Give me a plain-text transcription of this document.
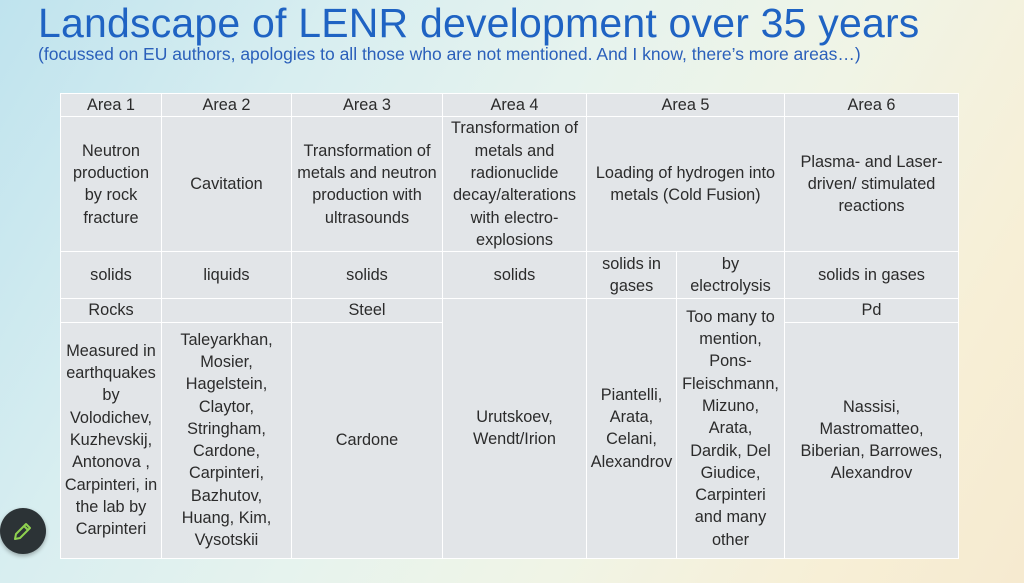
Landscape of LENR development over 35 years
(focussed on EU authors, apologies to all those who are not mentioned. And I know, there’s more areas…)
Area 1	Area 2	Area 3	Area 4	Area 5		Area 6
Neutron production by rock fracture	Cavitation	Transformation of metals and neutron production with ultrasounds	Transformation of metals and radionuclide decay/alterations with electro-explosions	Loading of hydrogen into metals (Cold Fusion)		Plasma- and Laser-driven/ stimulated reactions
solids	liquids	solids	solids	solids in gases	by electrolysis	solids in gases
Rocks		Steel	Urutskoev, Wendt/Irion	Piantelli, Arata, Celani, Alexandrov	Too many to mention, Pons-Fleischmann, Mizuno, Arata, Dardik, Del Giudice, Carpinteri and many other	Pd
Measured in earthquakes by Volodichev, Kuzhevskij, Antonova , Carpinteri, in the lab by Carpinteri	Taleyarkhan, Mosier, Hagelstein, Claytor, Stringham, Cardone, Carpinteri, Bazhutov, Huang, Kim, Vysotskii	Cardone				Nassisi, Mastromatteo, Biberian, Barrowes, Alexandrov
